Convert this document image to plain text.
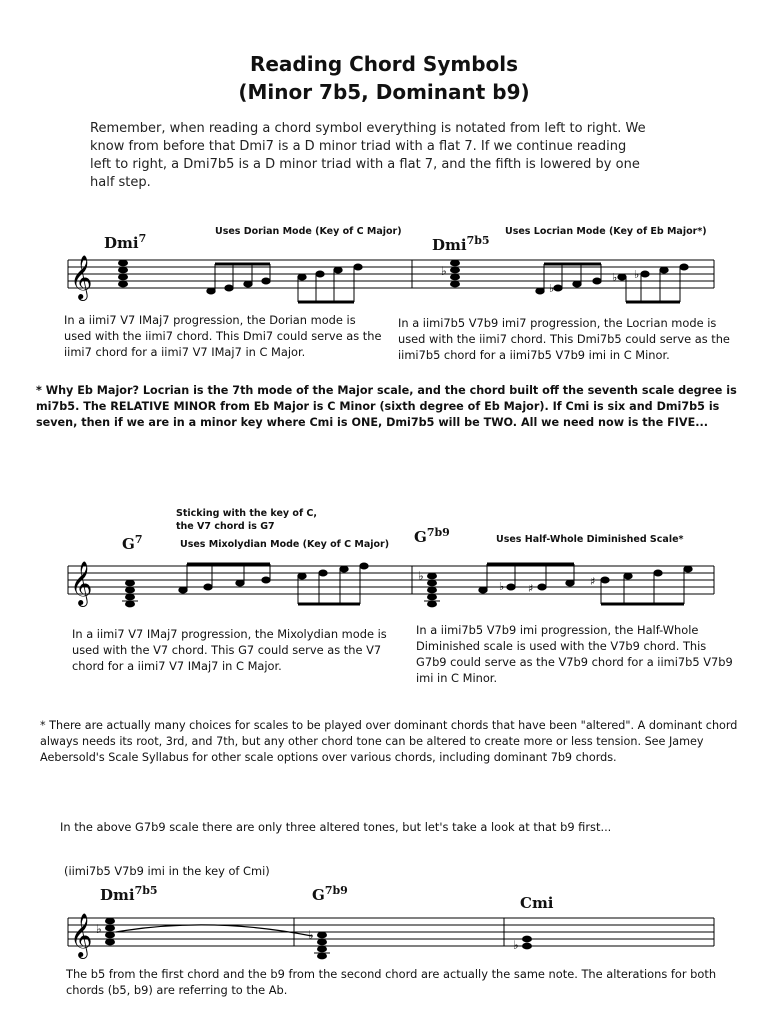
Reading Chord Symbols
(Minor 7b5, Dominant b9)
Remember, when reading a chord symbol everything is notated from left to right. We know from before that Dmi7 is a D minor triad with a flat 7. If we continue reading left to right, a Dmi7b5 is a D minor triad with a flat 7, and the fifth is lowered by one half step.
Dmi$^7$
Uses Dorian Mode (Key of C Major)
Dmi$^{7b5}$
Uses Locrian Mode (Key of Eb Major*)
𝄞	♭
♭
♭ ♭
In a iimi7 V7 IMaj7 progression, the Dorian mode is used with the iimi7 chord. This Dmi7 could serve as the iimi7 chord for a iimi7 V7 IMaj7 in C Major.
In a iimi7b5 V7b9 imi7 progression, the Locrian mode is used with the iimi7 chord. This Dmi7b5 could serve as the iimi7b5 chord for a iimi7b5 V7b9 imi in C Minor.
* Why Eb Major? Locrian is the 7th mode of the Major scale, and the chord built off the seventh scale degree is mi7b5. The RELATIVE MINOR from Eb Major is C Minor (sixth degree of Eb Major). If Cmi is six and Dmi7b5 is seven, then if we are in a minor key where Cmi is ONE, Dmi7b5 will be TWO. All we need now is the FIVE...
Sticking with the key of C,
the V7 chord is G7
$G^7$	Uses Mixolydian Mode (Key of C Major) $G^{7b9}$
Uses Half-Whole Diminished Scale*
𝄞	♭
♭ ♯
♯
In a iimi7 V7 IMaj7 progression, the Mixolydian mode is used with the V7 chord. This G7 could serve as the V7 chord for a iimi7 V7 IMaj7 in C Major.
In a iimi7b5 V7b9 imi progression, the Half-Whole Diminished scale is used with the V7b9 chord. This G7b9 could serve as the V7b9 chord for a iimi7b5 V7b9 imi in C Minor.
* There are actually many choices for scales to be played over dominant chords that have been "altered". A dominant chord always needs its root, 3rd, and 7th, but any other chord tone can be altered to create more or less tension. See Jamey Aebersold's Scale Syllabus for other scale options over various chords, including dominant 7b9 chords.
In the above G7b9 scale there are only three altered tones, but let's take a look at that b9 first...
(iimi7b5 V7b9 imi in the key of Cmi)
Dmi$^{7b5}$	$G^{7b9}$
Cmi
𝄞 ♭	♭
♭
The b5 from the first chord and the b9 from the second chord are actually the same note. The alterations for both chords (b5, b9) are referring to the Ab.
